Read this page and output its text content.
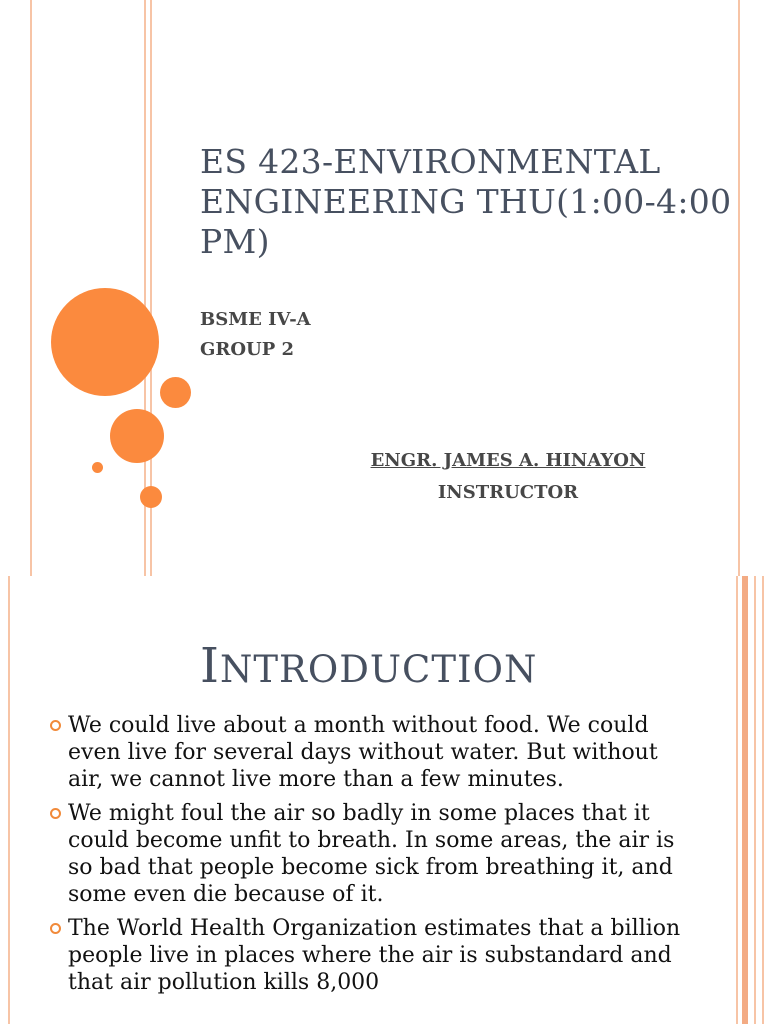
ES 423-ENVIRONMENTAL ENGINEERING THU(1:00-4:00 PM)
BSME IV-A
GROUP 2
ENGR. JAMES A. HINAYON
INSTRUCTOR
INTRODUCTION
We could live about a month without food. We could even live for several days without water. But without air, we cannot live more than a few minutes.
We might foul the air so badly in some places that it could become unfit to breath. In some areas, the air is so bad that people become sick from breathing it, and some even die because of it.
The World Health Organization estimates that a billion people live in places where the air is substandard and that air pollution kills 8,000
